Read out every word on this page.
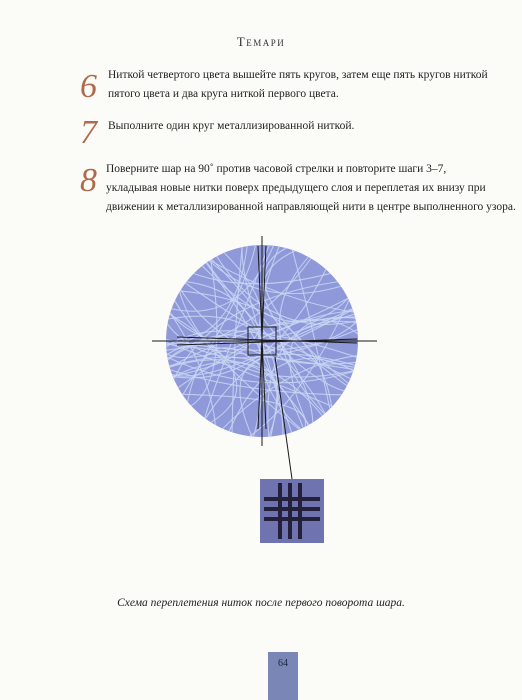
Темари
6 Ниткой четвертого цвета вышейте пять кругов, затем еще пять кругов ниткой
пятого цвета и два круга ниткой первого цвета.
7 Выполните один круг металлизированной ниткой.
8 Поверните шар на 90˚ против часовой стрелки и повторите шаги 3–7,
укладывая новые нитки поверх предыдущего слоя и переплетая их внизу при
движении к металлизированной направляющей нити в центре выполненного узора.
Схема переплетения ниток после первого поворота шара.
64
